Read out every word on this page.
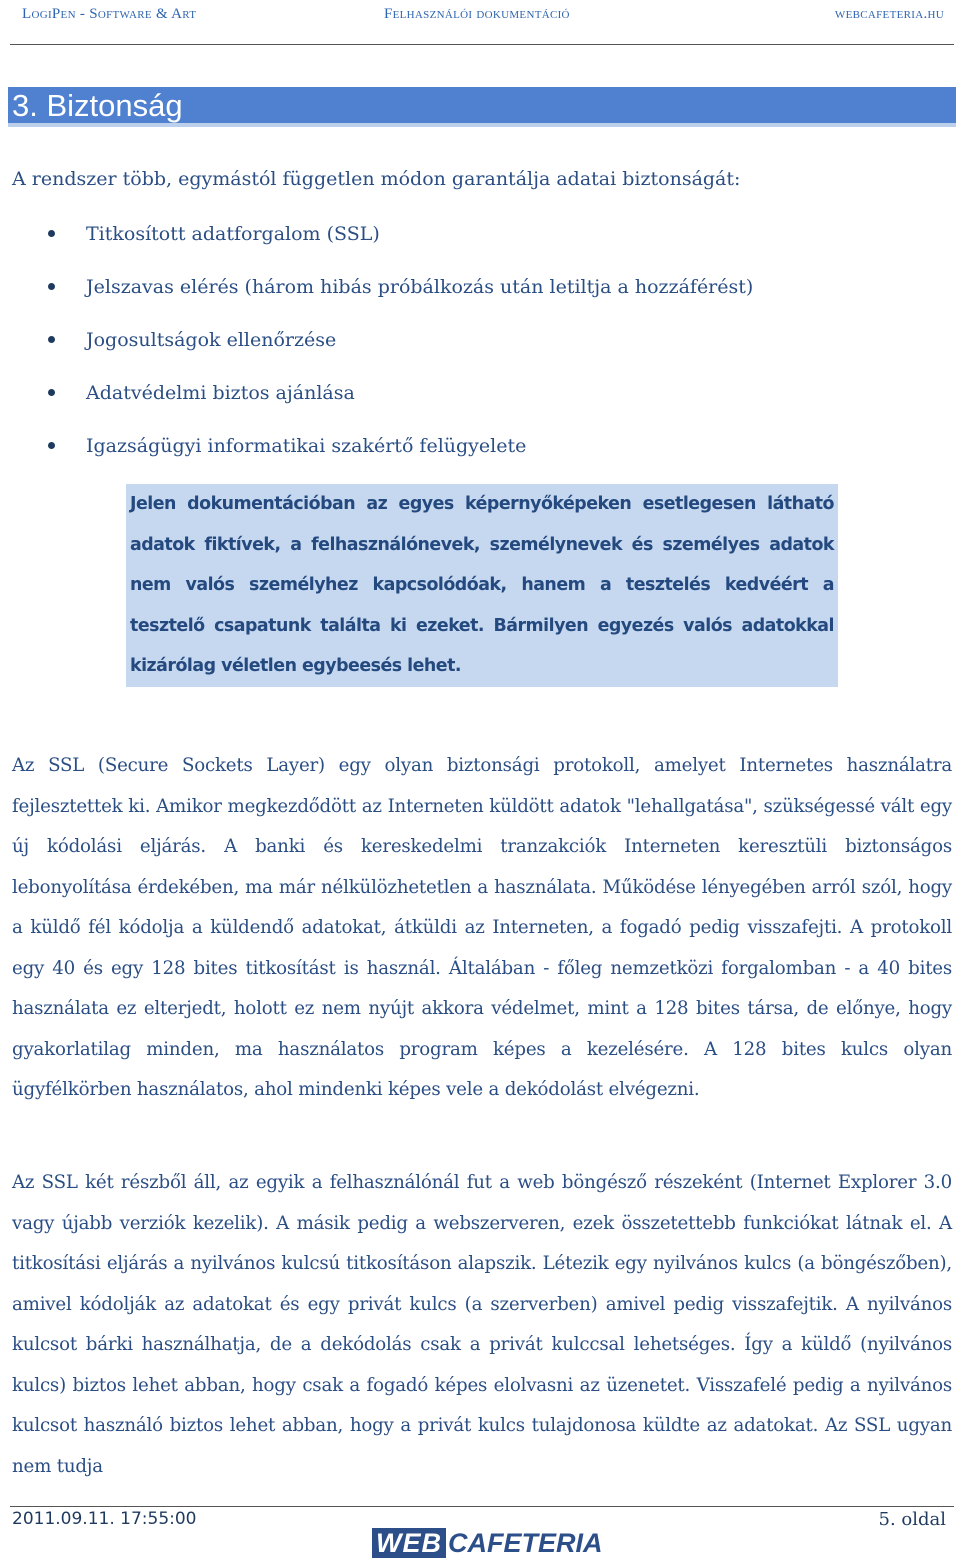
LogiPen - Software & Art	Felhasználói dokumentáció	webcafeteria.hu
3. Biztonság
A rendszer több, egymástól független módon garantálja adatai biztonságát:
Titkosított adatforgalom (SSL)
Jelszavas elérés (három hibás próbálkozás után letiltja a hozzáférést)
Jogosultságok ellenőrzése
Adatvédelmi biztos ajánlása
Igazságügyi informatikai szakértő felügyelete

Jelen dokumentációban az egyes képernyőképeken esetlegesen látható adatok fiktívek, a felhasználónevek, személynevek és személyes adatok nem valós személyhez kapcsolódóak, hanem a tesztelés kedvéért a tesztelő csapatunk találta ki ezeket. Bármilyen egyezés valós adatokkal kizárólag véletlen egybeesés lehet.

Az SSL (Secure Sockets Layer) egy olyan biztonsági protokoll, amelyet Internetes használatra fejlesztettek ki. Amikor megkezdődött az Interneten küldött adatok "lehallgatása", szükségessé vált egy új kódolási eljárás. A banki és kereskedelmi tranzakciók Interneten keresztüli biztonságos lebonyolítása érdekében, ma már nélkülözhetetlen a használata. Működése lényegében arról szól, hogy a küldő fél kódolja a küldendő adatokat, átküldi az Interneten, a fogadó pedig visszafejti. A protokoll egy 40 és egy 128 bites titkosítást is használ. Általában - főleg nemzetközi forgalomban - a 40 bites használata ez elterjedt, holott ez nem nyújt akkora védelmet, mint a 128 bites társa, de előnye, hogy gyakorlatilag minden, ma használatos program képes a kezelésére. A 128 bites kulcs olyan ügyfélkörben használatos, ahol mindenki képes vele a dekódolást elvégezni.

Az SSL két részből áll, az egyik a felhasználónál fut a web böngésző részeként (Internet Explorer 3.0 vagy újabb verziók kezelik). A másik pedig a webszerveren, ezek összetettebb funkciókat látnak el. A titkosítási eljárás a nyilvános kulcsú titkosításon alapszik. Létezik egy nyilvános kulcs (a böngészőben), amivel kódolják az adatokat és egy privát kulcs (a szerverben) amivel pedig visszafejtik. A nyilvános kulcsot bárki használhatja, de a dekódolás csak a privát kulccsal lehetséges. Így a küldő (nyilvános kulcs) biztos lehet abban, hogy csak a fogadó képes elolvasni az üzenetet. Visszafelé pedig a nyilvános kulcsot használó biztos lehet abban, hogy a privát kulcs tulajdonosa küldte az adatokat. Az SSL ugyan nem tudja

2011.09.11. 17:55:00	5. oldal
WEB CAFETERIA
